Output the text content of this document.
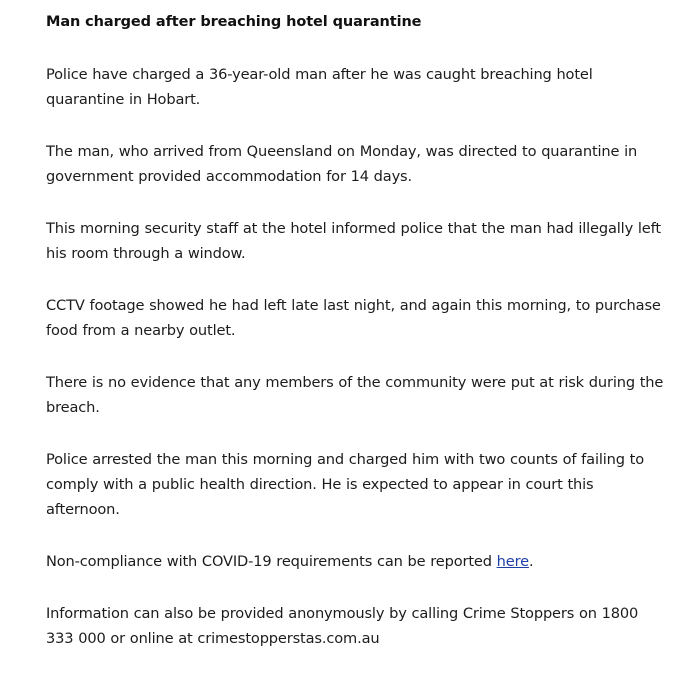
Man charged after breaching hotel quarantine

Police have charged a 36-year-old man after he was caught breaching hotel quarantine in Hobart.

The man, who arrived from Queensland on Monday, was directed to quarantine in government provided accommodation for 14 days.

This morning security staff at the hotel informed police that the man had illegally left his room through a window.

CCTV footage showed he had left late last night, and again this morning, to purchase food from a nearby outlet.

There is no evidence that any members of the community were put at risk during the breach.

Police arrested the man this morning and charged him with two counts of failing to comply with a public health direction. He is expected to appear in court this afternoon.

Non-compliance with COVID-19 requirements can be reported here.

Information can also be provided anonymously by calling Crime Stoppers on 1800 333 000 or online at crimestopperstas.com.au
